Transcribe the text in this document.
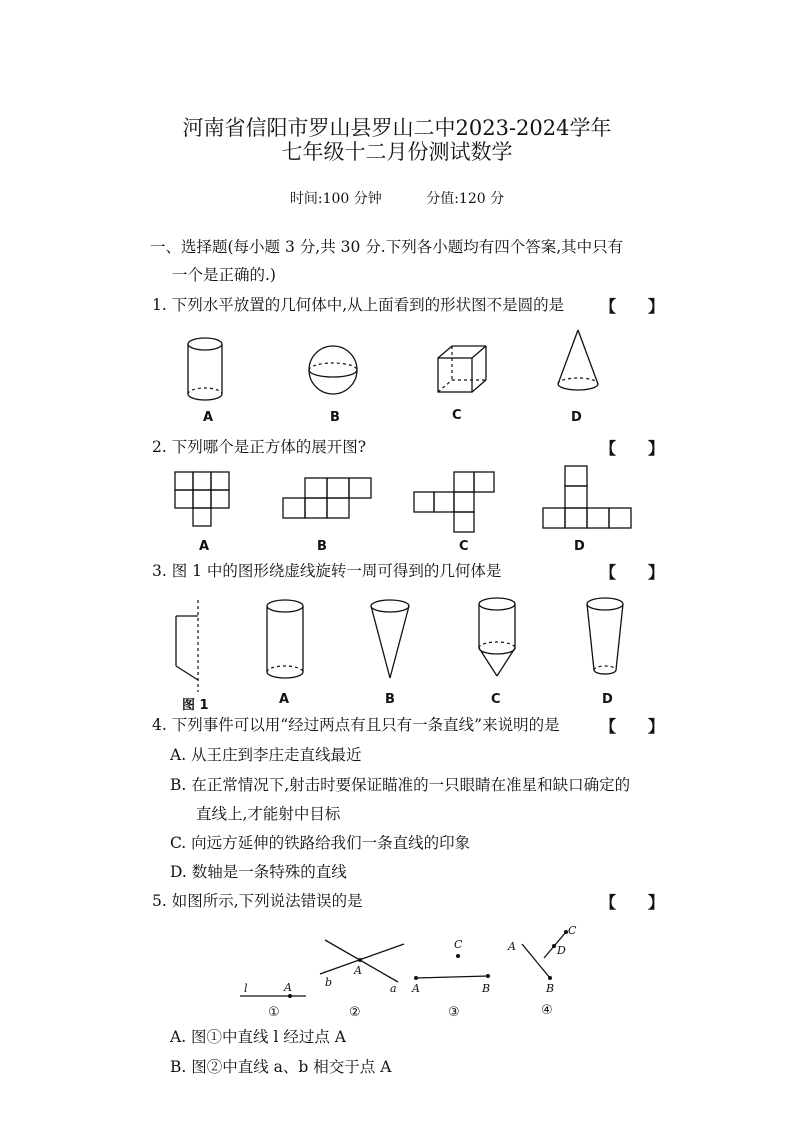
河南省信阳市罗山县罗山二中2023-2024学年
七年级十二月份测试数学
时间:100 分钟	分值:120 分
一、选择题(每小题 3 分,共 30 分.下列各小题均有四个答案,其中只有
一个是正确的.)
1. 下列水平放置的几何体中,从上面看到的形状图不是圆的是 【　　】
A	B	C	D
2. 下列哪个是正方体的展开图?	【　　】
A	B	C	D
3. 图 1 中的图形绕虚线旋转一周可得到的几何体是	【　　】
图 1	A	B	C	D
4. 下列事件可以用“经过两点有且只有一条直线”来说明的是	【　　】
A. 从王庄到李庄走直线最近
B. 在正常情况下,射击时要保证瞄准的一只眼睛在准星和缺口确定的
直线上,才能射中目标
C. 向远方延伸的铁路给我们一条直线的印象
D. 数轴是一条特殊的直线
5. 如图所示,下列说法错误的是	【　　】
l	A
A
b	a
C
A	B
A
C
D
B
①	②	③	④
A. 图①中直线 l 经过点 A
B. 图②中直线 a、b 相交于点 A
